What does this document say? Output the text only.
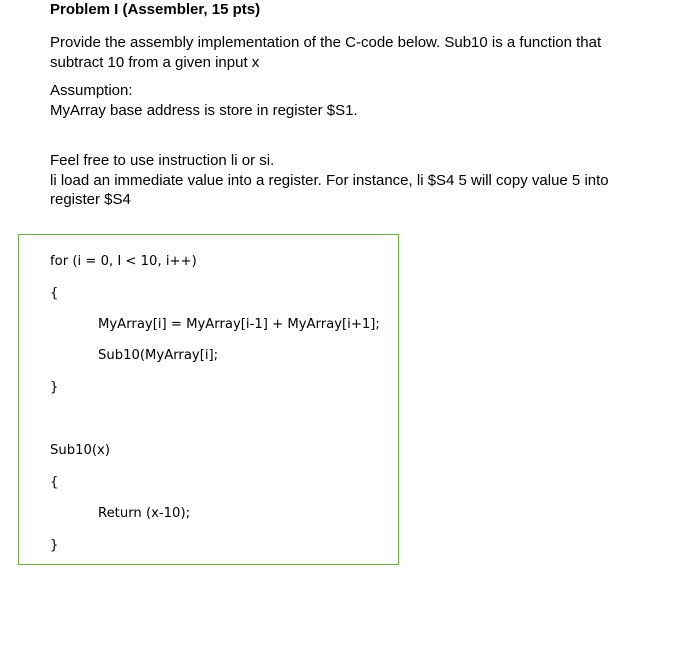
Problem I (Assembler, 15 pts)
Provide the assembly implementation of the C-code below. Sub10 is a function that
subtract 10 from a given input x
Assumption:
MyArray base address is store in register $S1.
Feel free to use instruction li or si.
li load an immediate value into a register. For instance, li $S4 5 will copy value 5 into
register $S4
for (i = 0, I < 10, i++)
{
MyArray[i] = MyArray[i-1] + MyArray[i+1];
Sub10(MyArray[i];
}
Sub10(x)
{
Return (x-10);
}
